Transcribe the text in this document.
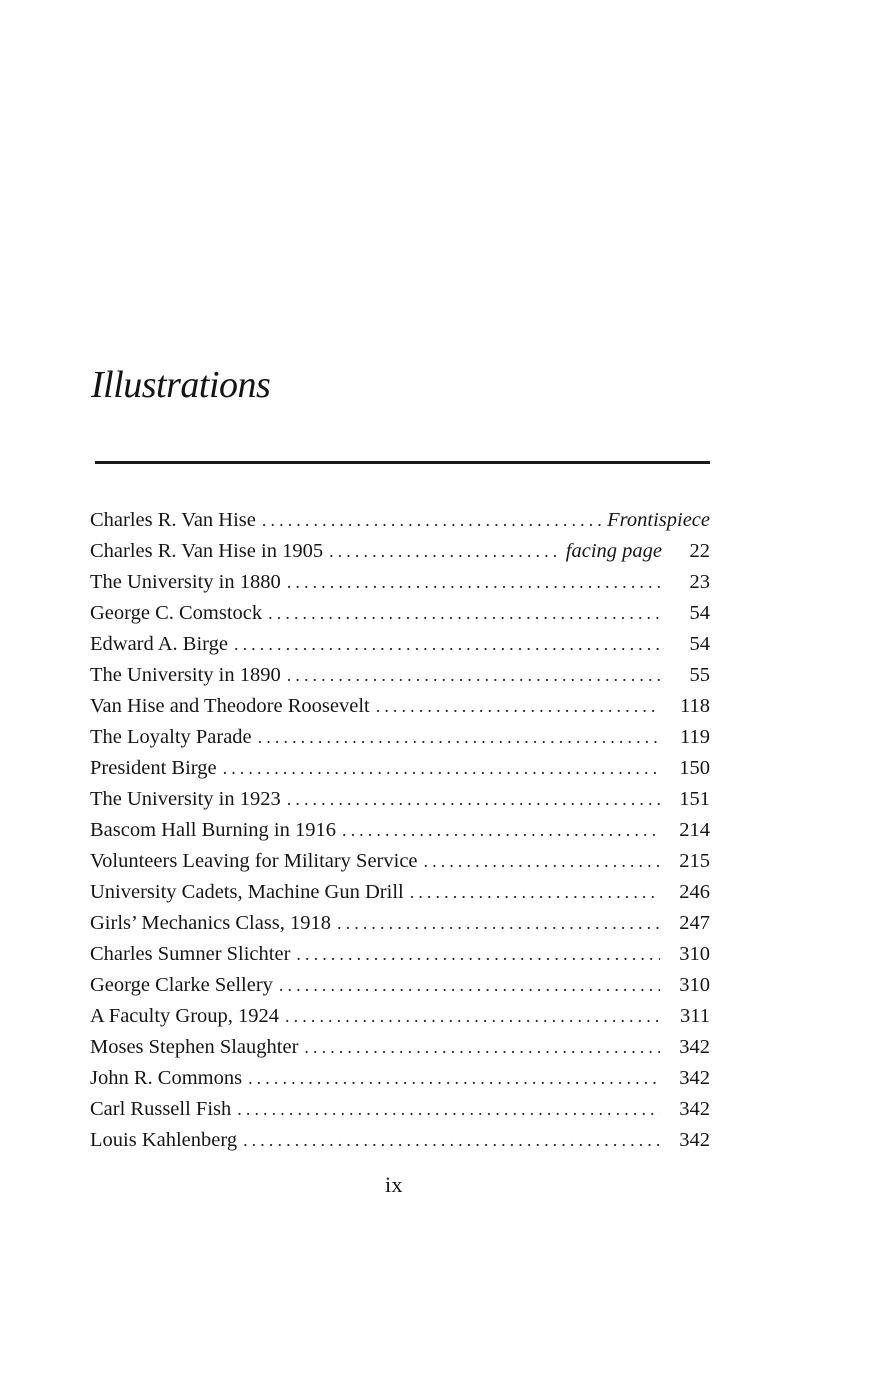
Illustrations
Charles R. Van Hise . . .	Frontispiece
Charles R. Van Hise in 1905 . . .	facing page	22
The University in 1880 . . .	23
George C. Comstock . . .	54
Edward A. Birge . . .	54
The University in 1890 . . .	55
Van Hise and Theodore Roosevelt . . .	118
The Loyalty Parade . . .	119
President Birge . . .	150
The University in 1923 . . .	151
Bascom Hall Burning in 1916 . . .	214
Volunteers Leaving for Military Service . . .	215
University Cadets, Machine Gun Drill . . .	246
Girls’ Mechanics Class, 1918 . . .	247
Charles Sumner Slichter . . .	310
George Clarke Sellery . . .	310
A Faculty Group, 1924 . . .	311
Moses Stephen Slaughter . . .	342
John R. Commons . . .	342
Carl Russell Fish . . .	342
Louis Kahlenberg . . .	342
ix
